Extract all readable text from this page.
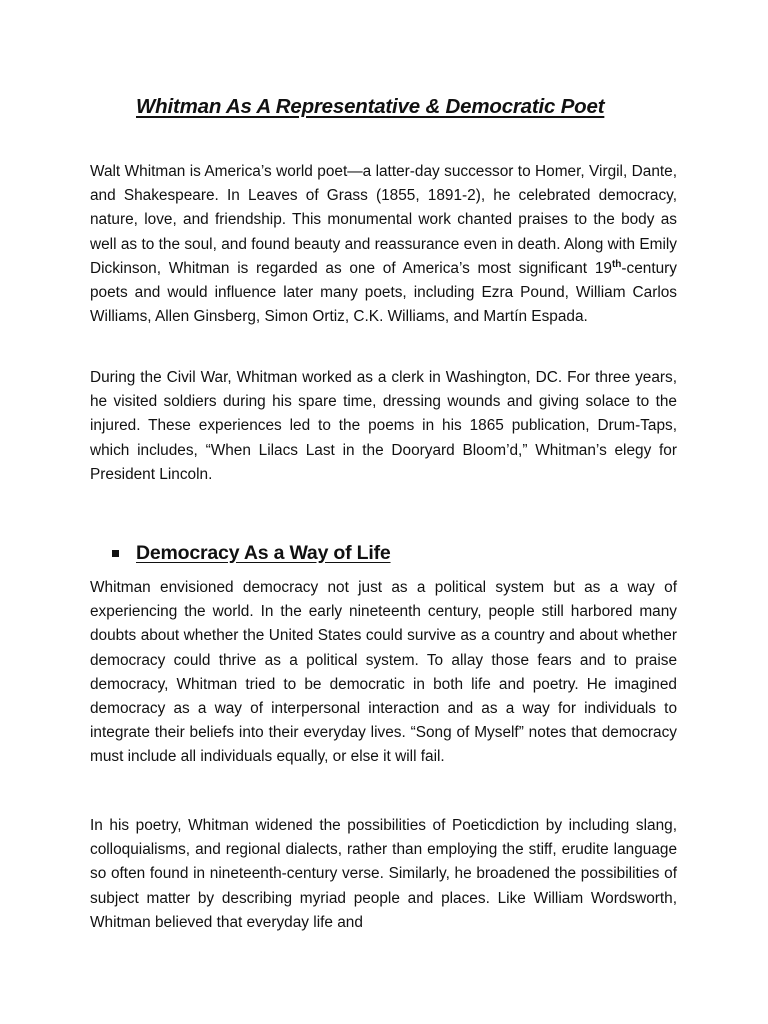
Whitman As A Representative & Democratic Poet

Walt Whitman is America’s world poet—a latter-day successor to Homer, Virgil, Dante, and Shakespeare. In Leaves of Grass (1855, 1891-2), he celebrated democracy, nature, love, and friendship. This monumental work chanted praises to the body as well as to the soul, and found beauty and reassurance even in death. Along with Emily Dickinson, Whitman is regarded as one of America’s most significant 19th-century poets and would influence later many poets, including Ezra Pound, William Carlos Williams, Allen Ginsberg, Simon Ortiz, C.K. Williams, and Martín Espada.

During the Civil War, Whitman worked as a clerk in Washington, DC. For three years, he visited soldiers during his spare time, dressing wounds and giving solace to the injured. These experiences led to the poems in his 1865 publication, Drum-Taps, which includes, “When Lilacs Last in the Dooryard Bloom’d,” Whitman’s elegy for President Lincoln.

Democracy As a Way of Life

Whitman envisioned democracy not just as a political system but as a way of experiencing the world. In the early nineteenth century, people still harbored many doubts about whether the United States could survive as a country and about whether democracy could thrive as a political system. To allay those fears and to praise democracy, Whitman tried to be democratic in both life and poetry. He imagined democracy as a way of interpersonal interaction and as a way for individuals to integrate their beliefs into their everyday lives. “Song of Myself” notes that democracy must include all individuals equally, or else it will fail.

In his poetry, Whitman widened the possibilities of Poeticdiction by including slang, colloquialisms, and regional dialects, rather than employing the stiff, erudite language so often found in nineteenth-century verse. Similarly, he broadened the possibilities of subject matter by describing myriad people and places. Like William Wordsworth, Whitman believed that everyday life and
